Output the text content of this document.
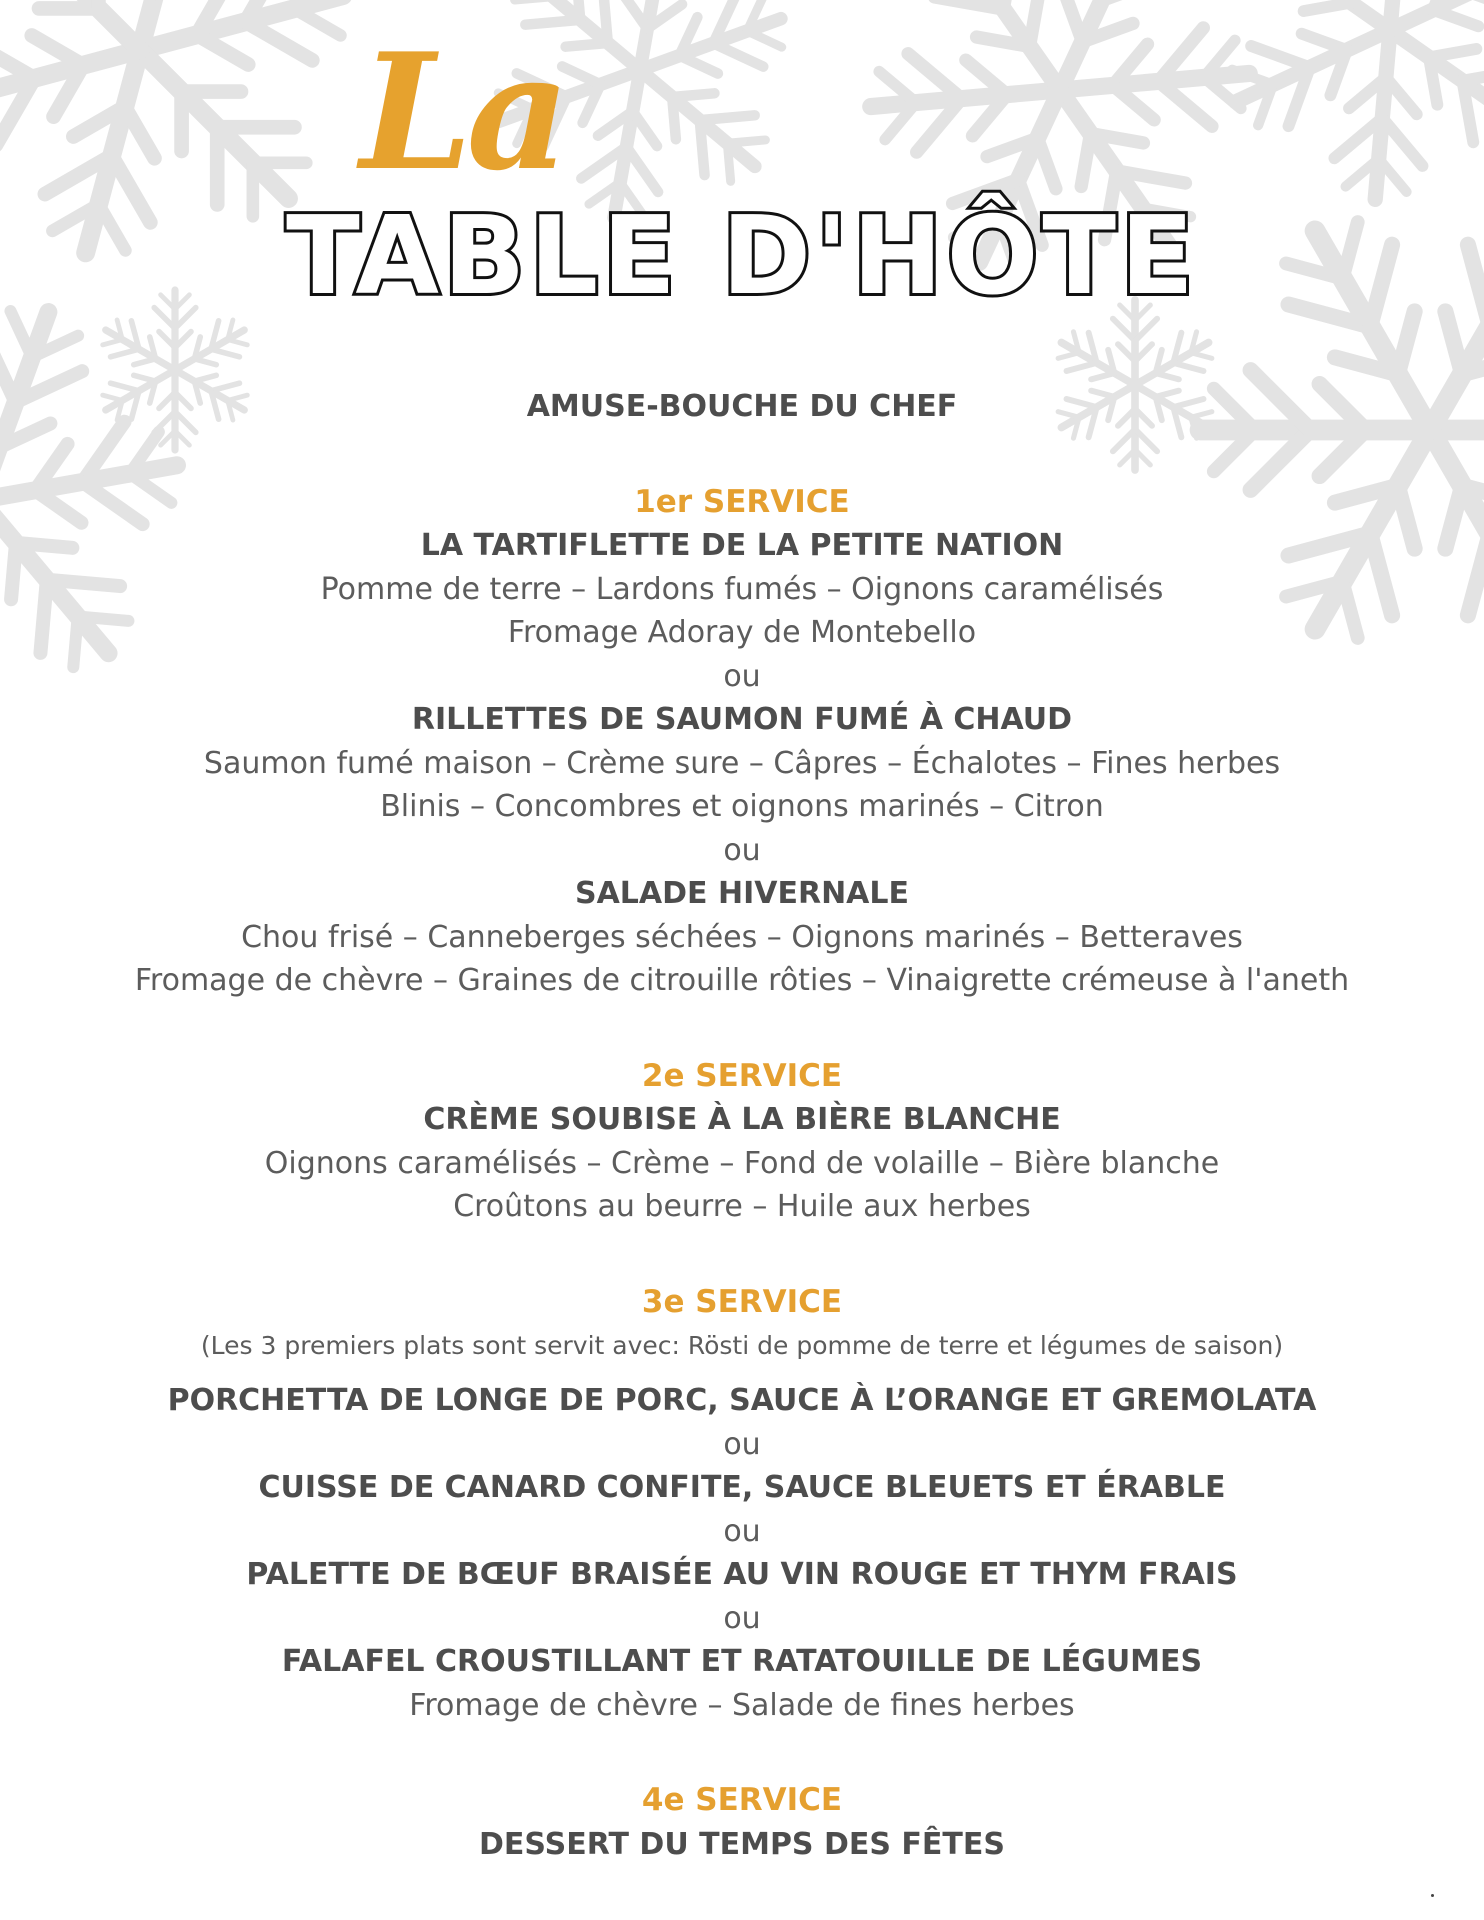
La

TABLE D'HÔTE

AMUSE-BOUCHE DU CHEF

1er SERVICE

LA TARTIFLETTE DE LA PETITE NATION

Pomme de terre – Lardons fumés – Oignons caramélisés

Fromage Adoray de Montebello

ou

RILLETTES DE SAUMON FUMÉ À CHAUD

Saumon fumé maison – Crème sure – Câpres – Échalotes – Fines herbes

Blinis – Concombres et oignons marinés – Citron

ou

SALADE HIVERNALE

Chou frisé – Canneberges séchées – Oignons marinés – Betteraves

Fromage de chèvre – Graines de citrouille rôties – Vinaigrette crémeuse à l'aneth

2e SERVICE

CRÈME SOUBISE À LA BIÈRE BLANCHE

Oignons caramélisés – Crème – Fond de volaille – Bière blanche

Croûtons au beurre – Huile aux herbes

3e SERVICE

(Les 3 premiers plats sont servit avec: Rösti de pomme de terre et légumes de saison)

PORCHETTA DE LONGE DE PORC, SAUCE À L’ORANGE ET GREMOLATA

ou

CUISSE DE CANARD CONFITE, SAUCE BLEUETS ET ÉRABLE

ou

PALETTE DE BŒUF BRAISÉE AU VIN ROUGE ET THYM FRAIS

ou

FALAFEL CROUSTILLANT ET RATATOUILLE DE LÉGUMES

Fromage de chèvre – Salade de fines herbes

4e SERVICE

DESSERT DU TEMPS DES FÊTES
